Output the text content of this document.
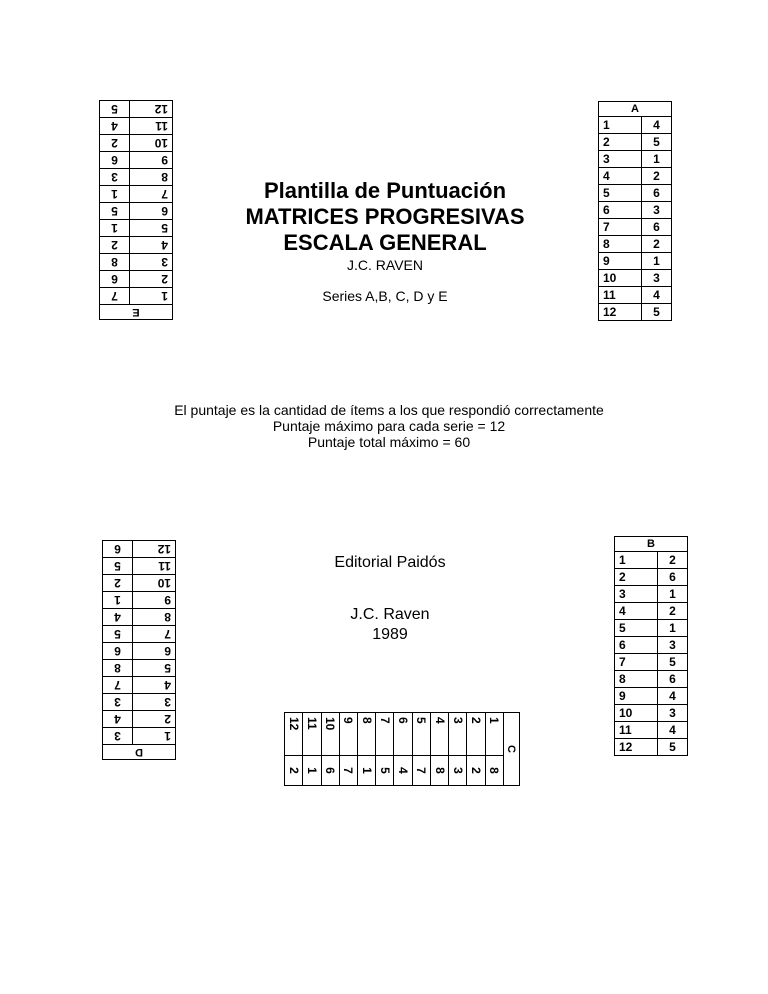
Plantilla de Puntuación
MATRICES PROGRESIVAS
ESCALA GENERAL
J.C. RAVEN
Series A,B, C, D y E
El puntaje es la cantidad de ítems a los que respondió correctamente
Puntaje máximo para cada serie = 12
Puntaje total máximo = 60
Editorial Paidós
J.C. Raven
1989
A	
1	4
2	5
3	1
4	2
5	6
6	3
7	6
8	2
9	1
10	3
11	4
12	5
B	
1	2
2	6
3	1
4	2
5	1
6	3
7	5
8	6
9	4
10	3
11	4
12	5
E	
1	7
2	6
3	8
4	2
5	1
6	5
7	1
8	3
9	6
10	2
11	4
12	5
D	
1	3
2	4
3	3
4	7
5	8
6	6
7	5
8	4
9	1
10	2
11	5
12	6
C	
1	8
2	2
3	3
4	8
5	7
6	4
7	5
8	1
9	7
10	6
11	1
12	2
